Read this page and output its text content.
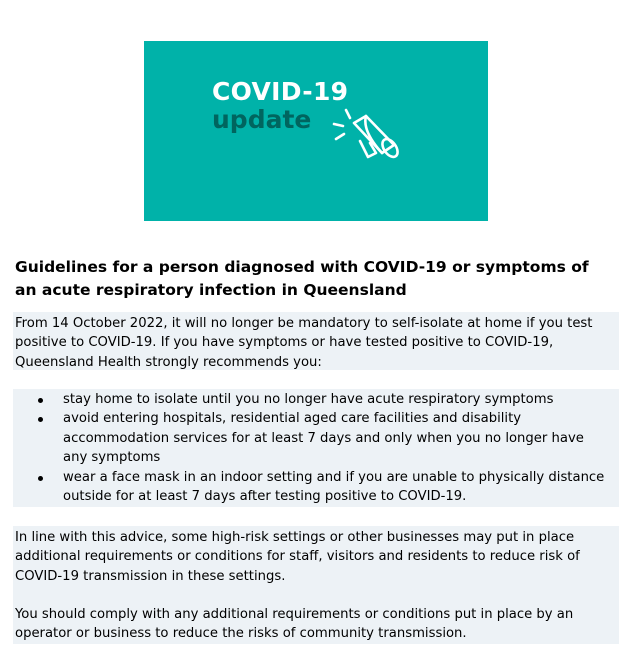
COVID-19
update
Guidelines for a person diagnosed with COVID-19 or symptoms of an acute respiratory infection in Queensland

From 14 October 2022, it will no longer be mandatory to self-isolate at home if you test positive to COVID-19. If you have symptoms or have tested positive to COVID-19, Queensland Health strongly recommends you:

stay home to isolate until you no longer have acute respiratory symptoms
avoid entering hospitals, residential aged care facilities and disability accommodation services for at least 7 days and only when you no longer have any symptoms
wear a face mask in an indoor setting and if you are unable to physically distance outside for at least 7 days after testing positive to COVID-19.

In line with this advice, some high-risk settings or other businesses may put in place additional requirements or conditions for staff, visitors and residents to reduce risk of COVID-19 transmission in these settings.

You should comply with any additional requirements or conditions put in place by an operator or business to reduce the risks of community transmission.
